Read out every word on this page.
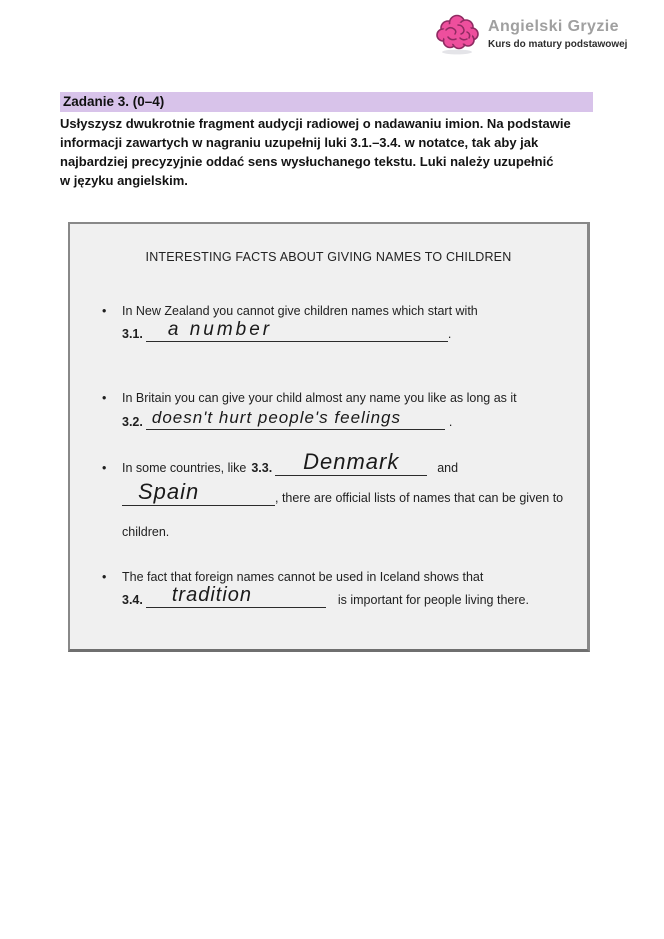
Angielski Gryzie
Kurs do matury podstawowej
Zadanie 3. (0–4)
Usłyszysz dwukrotnie fragment audycji radiowej o nadawaniu imion. Na podstawie
informacji zawartych w nagraniu uzupełnij luki 3.1.–3.4. w notatce, tak aby jak
najbardziej precyzyjnie oddać sens wysłuchanego tekstu. Luki należy uzupełnić
w języku angielskim.
INTERESTING FACTS ABOUT GIVING NAMES TO CHILDREN
•	In New Zealand you cannot give children names which start with
3.1.	a number	.
•	In Britain you can give your child almost any name you like as long as it
3.2. doesn't hurt people's feelings	.
•	In some countries, like 3.3. Denmark	and
Spain	, there are official lists of names that can be given to
children.
•	The fact that foreign names cannot be used in Iceland shows that
3.4.	tradition	is important for people living there.
